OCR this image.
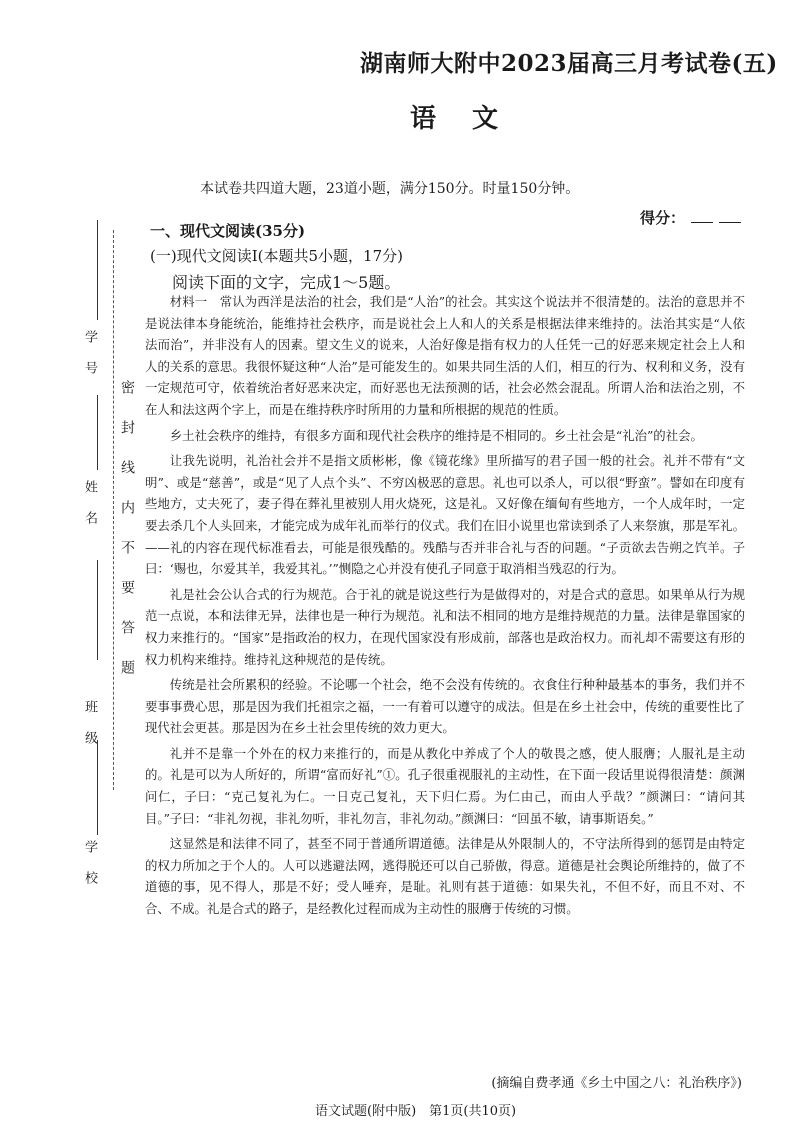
密封线内不要答题
学号
姓名
班级
学校
湖南师大附中2023届高三月考试卷(五)
语文
本试卷共四道大题，23道小题，满分150分。时量150分钟。
得分：
一、现代文阅读(35分)
(一)现代文阅读Ⅰ(本题共5小题，17分)
阅读下面的文字，完成1～5题。

材料一　常认为西洋是法治的社会，我们是“人治”的社会。其实这个说法并不很清楚的。法治的意思并不是说法律本身能统治，能维持社会秩序，而是说社会上人和人的关系是根据法律来维持的。法治其实是“人依法而治”，并非没有人的因素。望文生义的说来，人治好像是指有权力的人任凭一己的好恶来规定社会上人和人的关系的意思。我很怀疑这种“人治”是可能发生的。如果共同生活的人们，相互的行为、权利和义务，没有一定规范可守，依着统治者好恶来决定，而好恶也无法预测的话，社会必然会混乱。所谓人治和法治之别，不在人和法这两个字上，而是在维持秩序时所用的力量和所根据的规范的性质。

乡土社会秩序的维持，有很多方面和现代社会秩序的维持是不相同的。乡土社会是“礼治”的社会。

让我先说明，礼治社会并不是指文质彬彬，像《镜花缘》里所描写的君子国一般的社会。礼并不带有“文明”、或是“慈善”，或是“见了人点个头”、不穷凶极恶的意思。礼也可以杀人，可以很“野蛮”。譬如在印度有些地方，丈夫死了，妻子得在葬礼里被别人用火烧死，这是礼。又好像在缅甸有些地方，一个人成年时，一定要去杀几个人头回来，才能完成为成年礼而举行的仪式。我们在旧小说里也常读到杀了人来祭旗，那是军礼。——礼的内容在现代标准看去，可能是很残酷的。残酷与否并非合礼与否的问题。“子贡欲去告朔之饩羊。子曰：‘赐也，尔爱其羊，我爱其礼。’”恻隐之心并没有使孔子同意于取消相当残忍的行为。

礼是社会公认合式的行为规范。合于礼的就是说这些行为是做得对的，对是合式的意思。如果单从行为规范一点说，本和法律无异，法律也是一种行为规范。礼和法不相同的地方是维持规范的力量。法律是靠国家的权力来推行的。“国家”是指政治的权力，在现代国家没有形成前，部落也是政治权力。而礼却不需要这有形的权力机构来维持。维持礼这种规范的是传统。

传统是社会所累积的经验。不论哪一个社会，绝不会没有传统的。衣食住行种种最基本的事务，我们并不要事事费心思，那是因为我们托祖宗之福，一一有着可以遵守的成法。但是在乡土社会中，传统的重要性比了现代社会更甚。那是因为在乡土社会里传统的效力更大。

礼并不是靠一个外在的权力来推行的，而是从教化中养成了个人的敬畏之感，使人服膺；人服礼是主动的。礼是可以为人所好的，所谓“富而好礼”①。孔子很重视服礼的主动性，在下面一段话里说得很清楚：颜渊问仁，子曰：“克己复礼为仁。一日克己复礼，天下归仁焉。为仁由己，而由人乎哉？”颜渊曰：“请问其目。”子曰：“非礼勿视，非礼勿听，非礼勿言，非礼勿动。”颜渊曰：“回虽不敏，请事斯语矣。”

这显然是和法律不同了，甚至不同于普通所谓道德。法律是从外限制人的，不守法所得到的惩罚是由特定的权力所加之于个人的。人可以逃避法网，逃得脱还可以自己骄傲，得意。道德是社会舆论所维持的，做了不道德的事，见不得人，那是不好；受人唾弃，是耻。礼则有甚于道德：如果失礼，不但不好，而且不对、不合、不成。礼是合式的路子，是经教化过程而成为主动性的服膺于传统的习惯。

(摘编自费孝通《乡土中国之八：礼治秩序》)
语文试题(附中版)　第1页(共10页)
